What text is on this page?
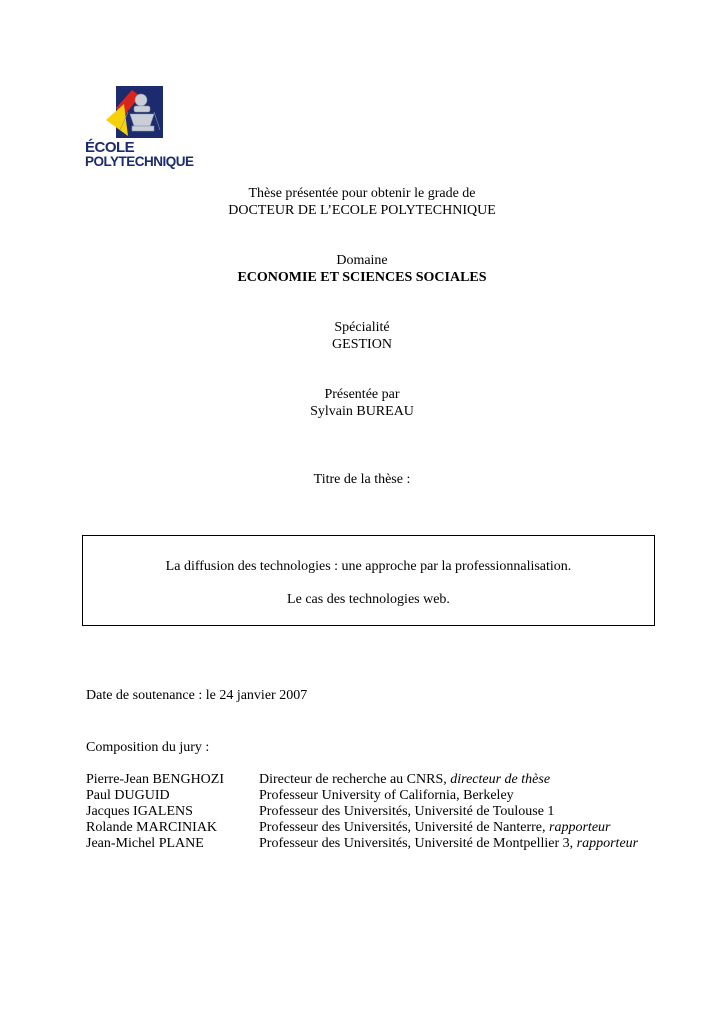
ÉCOLE
POLYTECHNIQUE
Thèse présentée pour obtenir le grade de
DOCTEUR DE L’ECOLE POLYTECHNIQUE
Domaine
ECONOMIE ET SCIENCES SOCIALES
Spécialité
GESTION
Présentée par
Sylvain BUREAU
Titre de la thèse :
La diffusion des technologies : une approche par la professionnalisation.
Le cas des technologies web.
Date de soutenance : le 24 janvier 2007
Composition du jury :
Pierre-Jean BENGHOZI Directeur de recherche au CNRS, directeur de thèse
Paul DUGUID	Professeur University of California, Berkeley
Jacques IGALENS	Professeur des Universités, Université de Toulouse 1
Rolande MARCINIAK	Professeur des Universités, Université de Nanterre, rapporteur
Jean-Michel PLANE	Professeur des Universités, Université de Montpellier 3, rapporteur
